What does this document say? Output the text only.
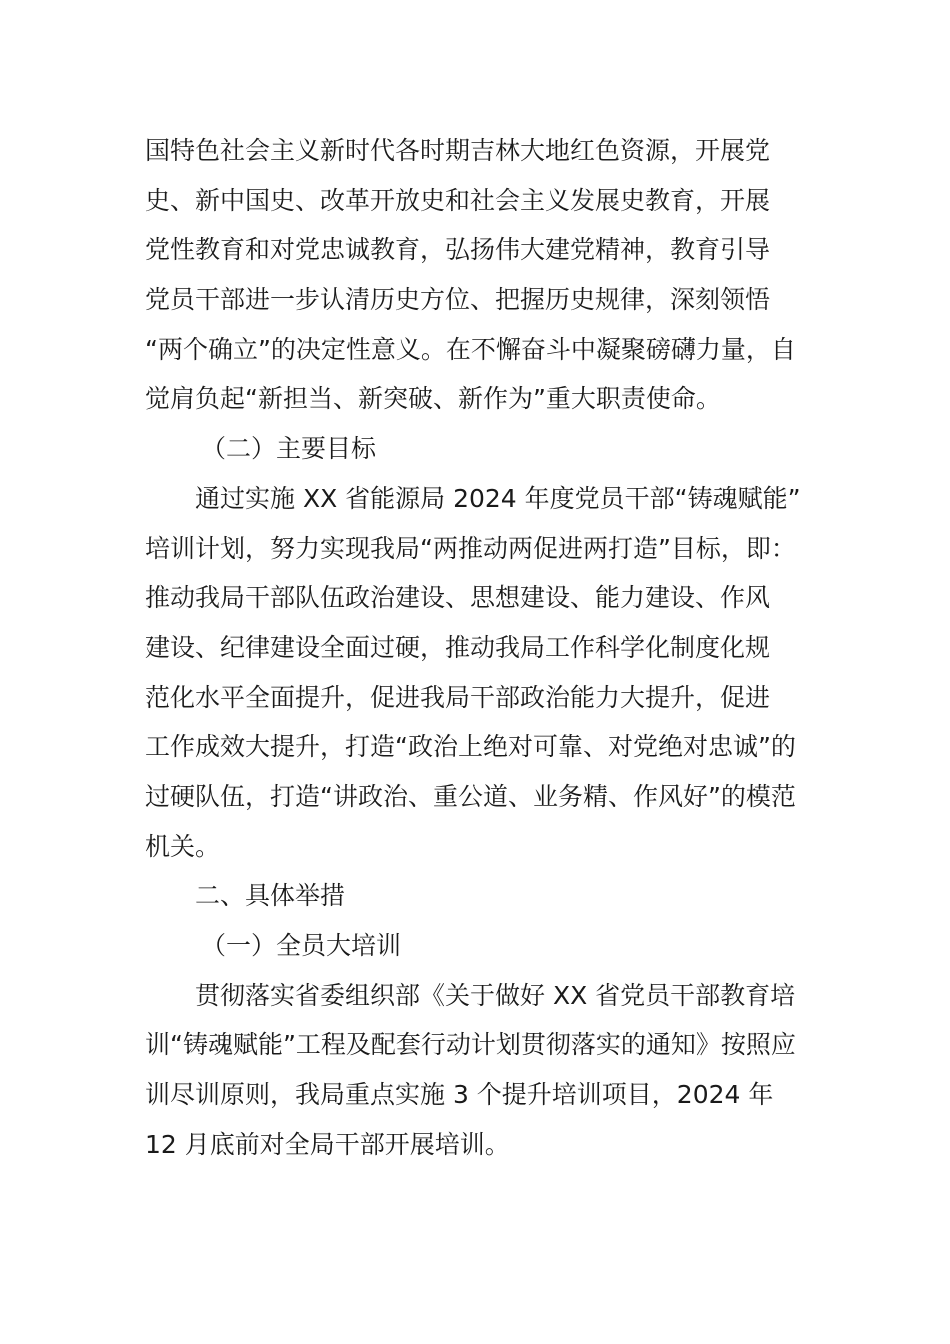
国特色社会主义新时代各时期吉林大地红色资源，开展党
史、新中国史、改革开放史和社会主义发展史教育，开展
党性教育和对党忠诚教育，弘扬伟大建党精神，教育引导
党员干部进一步认清历史方位、把握历史规律，深刻领悟
“两个确立”的决定性意义。在不懈奋斗中凝聚磅礴力量，自
觉肩负起“新担当、新突破、新作为”重大职责使命。
（二）主要目标
通过实施 XX 省能源局 2024 年度党员干部“铸魂赋能”
培训计划，努力实现我局“两推动两促进两打造”目标，即：
推动我局干部队伍政治建设、思想建设、能力建设、作风
建设、纪律建设全面过硬，推动我局工作科学化制度化规
范化水平全面提升，促进我局干部政治能力大提升，促进
工作成效大提升，打造“政治上绝对可靠、对党绝对忠诚”的
过硬队伍，打造“讲政治、重公道、业务精、作风好”的模范
机关。
二、具体举措
（一）全员大培训
贯彻落实省委组织部《关于做好 XX 省党员干部教育培
训“铸魂赋能”工程及配套行动计划贯彻落实的通知》按照应
训尽训原则，我局重点实施 3 个提升培训项目，2024 年
12 月底前对全局干部开展培训。
